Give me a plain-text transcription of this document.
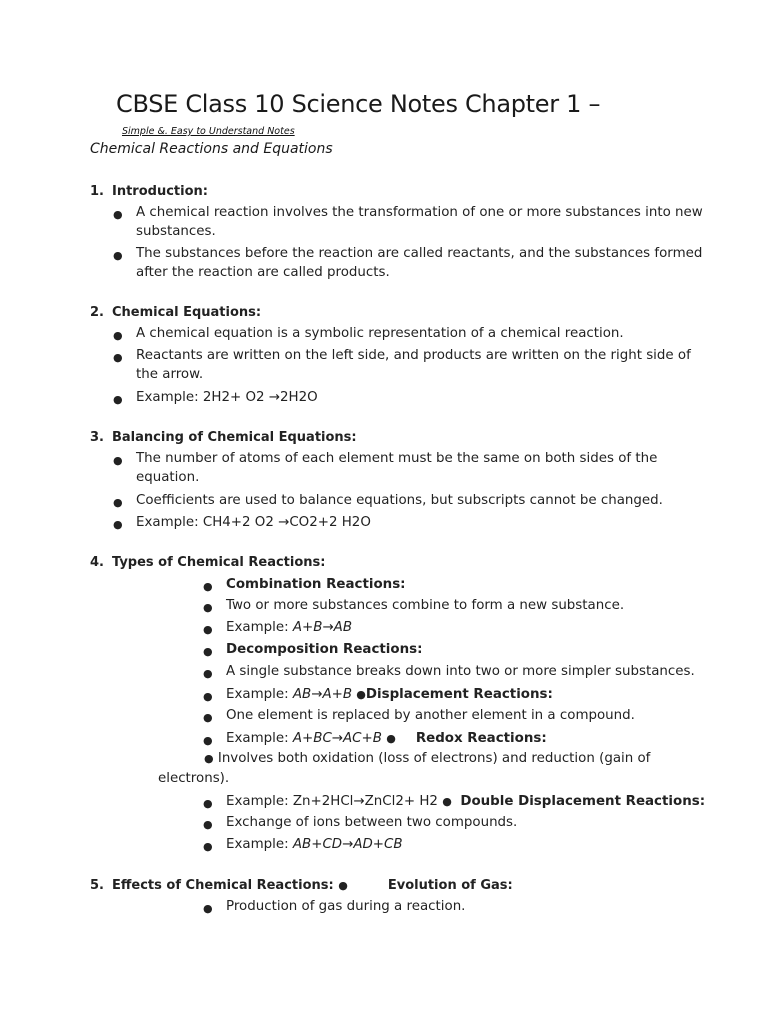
CBSE Class 10 Science Notes Chapter 1 –
Simple &. Easy to Understand Notes
Chemical Reactions and Equations
1. Introduction:
● A chemical reaction involves the transformation of one or more substances into new
substances.
● The substances before the reaction are called reactants, and the substances formed
after the reaction are called products.
2. Chemical Equations:
● A chemical equation is a symbolic representation of a chemical reaction.
● Reactants are written on the left side, and products are written on the right side of
the arrow.
● Example: 2H2+ O2 →2H2O
3. Balancing of Chemical Equations:
● The number of atoms of each element must be the same on both sides of the
equation.
● Coefficients are used to balance equations, but subscripts cannot be changed.
● Example: CH4+2 O2 →CO2+2 H2O
4. Types of Chemical Reactions:
● Combination Reactions:
● Two or more substances combine to form a new substance.
● Example: A+B→AB
● Decomposition Reactions:
● A single substance breaks down into two or more simpler substances.
● Example: AB→A+B ●Displacement Reactions:
● One element is replaced by another element in a compound.
● Example: A+BC→AC+B ● Redox Reactions:
● Involves both oxidation (loss of electrons) and reduction (gain of
electrons).
● Example: Zn+2HCl→ZnCl2+ H2 ● Double Displacement Reactions:
● Exchange of ions between two compounds.
● Example: AB+CD→AD+CB
5. Effects of Chemical Reactions: ●	Evolution of Gas:
● Production of gas during a reaction.
